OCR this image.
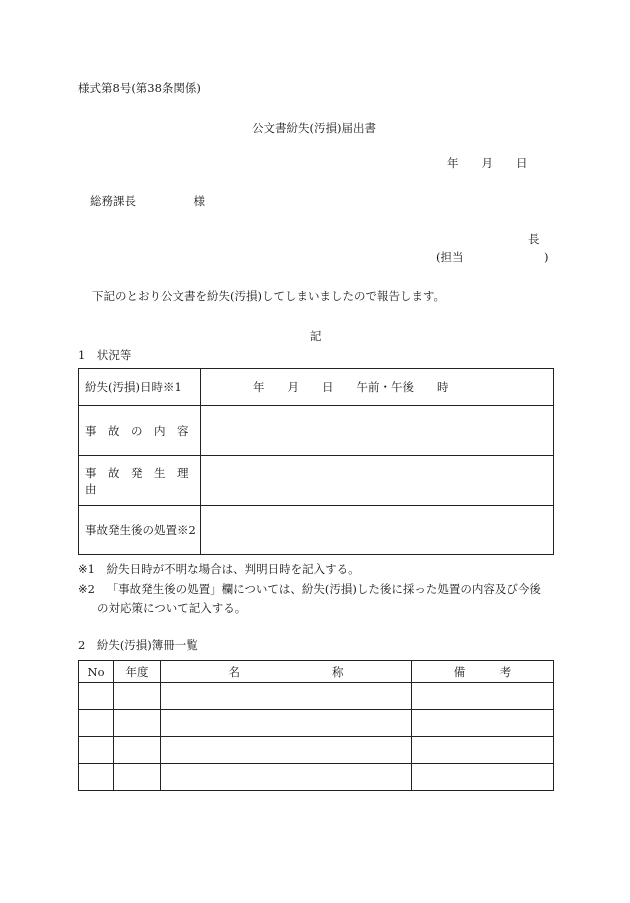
様式第8号(第38条関係)
公文書紛失(汚損)届出書
年　　月　　日
総務課長　　　　　様
長
(担当　　　　　　　)
下記のとおり公文書を紛失(汚損)してしまいましたので報告します。
記
1　状況等
紛失(汚損)日時※1	年　　月　　日　　午前・午後　　時
事　故　の　内　容	
事　故　発　生　理　由	
事故発生後の処置※2	
※1 紛失日時が不明な場合は、判明日時を記入する。
※2 「事故発生後の処置」欄については、紛失(汚損)した後に採った処置の内容及び今後
の対応策について記入する。
2　紛失(汚損)簿冊一覧
No	年度	名　　　　　　　　称	備　　　考
